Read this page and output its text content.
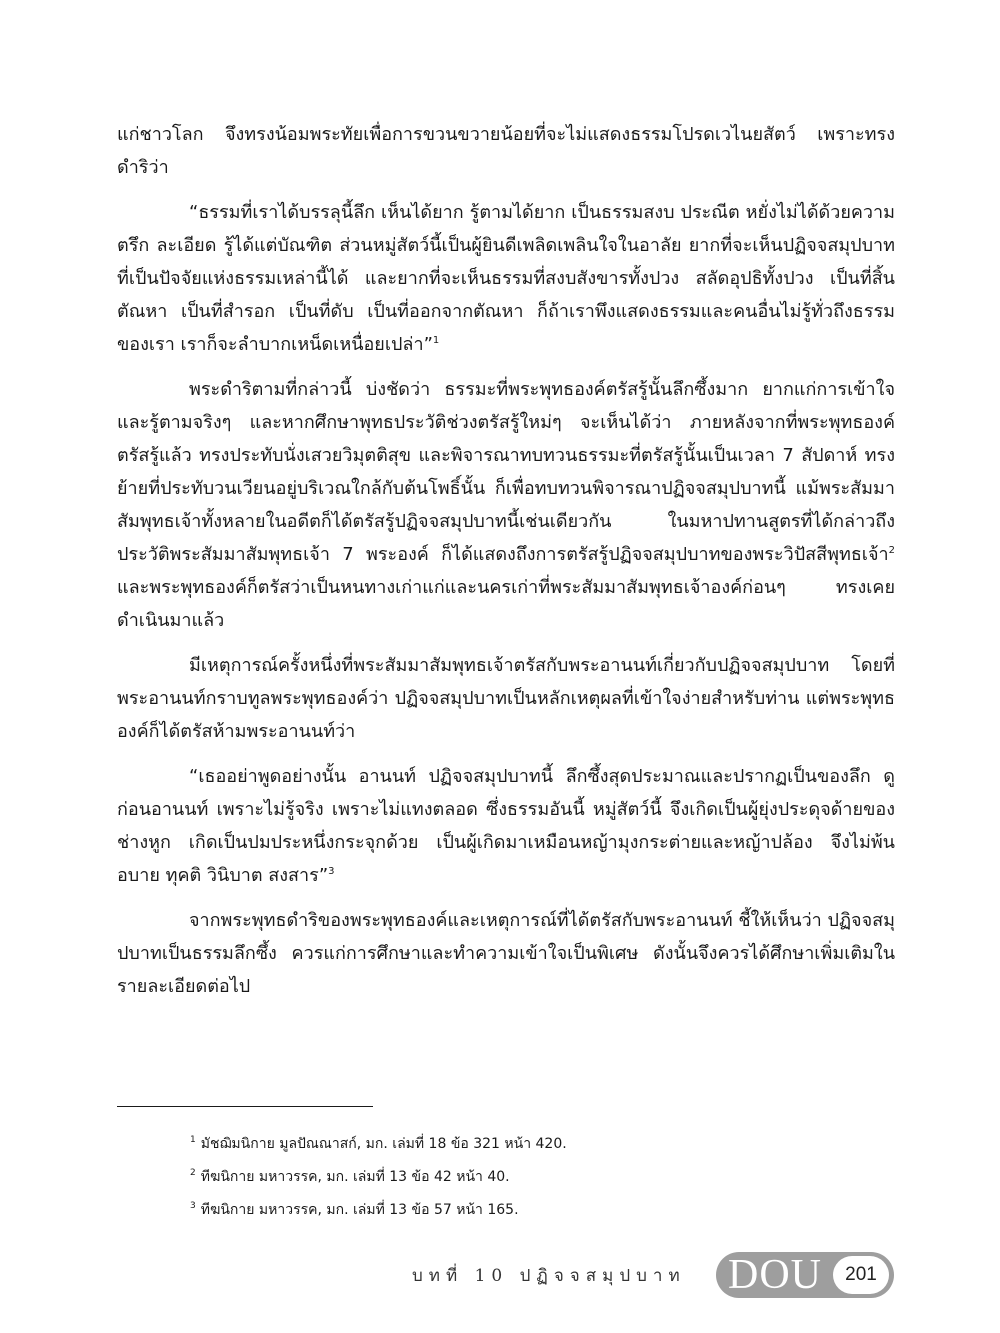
แก่ชาวโลก จึงทรงน้อมพระทัยเพื่อการขวนขวายน้อยที่จะไม่แสดงธรรมโปรดเวไนยสัตว์ เพราะทรงดำริว่า

“ธรรมที่เราได้บรรลุนี้ลึก เห็นได้ยาก รู้ตามได้ยาก เป็นธรรมสงบ ประณีต หยั่งไม่ได้ด้วยความตรึก ละเอียด รู้ได้แต่บัณฑิต ส่วนหมู่สัตว์นี้เป็นผู้ยินดีเพลิดเพลินใจในอาลัย ยากที่จะเห็นปฏิจจสมุปบาทที่เป็นปัจจัยแห่งธรรมเหล่านี้ได้ และยากที่จะเห็นธรรมที่สงบสังขารทั้งปวง สลัดอุปธิทั้งปวง เป็นที่สิ้นตัณหา เป็นที่สำรอก เป็นที่ดับ เป็นที่ออกจากตัณหา ก็ถ้าเราพึงแสดงธรรมและคนอื่นไม่รู้ทั่วถึงธรรมของเรา เราก็จะลำบากเหน็ดเหนื่อยเปล่า”$^1$

พระดำริตามที่กล่าวนี้ บ่งชัดว่า ธรรมะที่พระพุทธองค์ตรัสรู้นั้นลึกซึ้งมาก ยากแก่การเข้าใจและรู้ตามจริงๆ และหากศึกษาพุทธประวัติช่วงตรัสรู้ใหม่ๆ จะเห็นได้ว่า ภายหลังจากที่พระพุทธองค์ตรัสรู้แล้ว ทรงประทับนั่งเสวยวิมุตติสุข และพิจารณาทบทวนธรรมะที่ตรัสรู้นั้นเป็นเวลา 7 สัปดาห์ ทรงย้ายที่ประทับวนเวียนอยู่บริเวณใกล้กับต้นโพธิ์นั้น ก็เพื่อทบทวนพิจารณาปฏิจจสมุปบาทนี้ แม้พระสัมมาสัมพุทธเจ้าทั้งหลายในอดีตก็ได้ตรัสรู้ปฏิจจสมุปบาทนี้เช่นเดียวกัน ในมหาปทานสูตรที่ได้กล่าวถึงประวัติพระสัมมาสัมพุทธเจ้า 7 พระองค์ ก็ได้แสดงถึงการตรัสรู้ปฏิจจสมุปบาทของพระวิปัสสีพุทธเจ้า$^2$ และพระพุทธองค์ก็ตรัสว่าเป็นหนทางเก่าแก่และนครเก่าที่พระสัมมาสัมพุทธเจ้าองค์ก่อนๆ ทรงเคยดำเนินมาแล้ว

มีเหตุการณ์ครั้งหนึ่งที่พระสัมมาสัมพุทธเจ้าตรัสกับพระอานนท์เกี่ยวกับปฏิจจสมุปบาท โดยที่พระอานนท์กราบทูลพระพุทธองค์ว่า ปฏิจจสมุปบาทเป็นหลักเหตุผลที่เข้าใจง่ายสำหรับท่าน แต่พระพุทธองค์ก็ได้ตรัสห้ามพระอานนท์ว่า

“เธออย่าพูดอย่างนั้น อานนท์ ปฏิจจสมุปบาทนี้ ลึกซึ้งสุดประมาณและปรากฏเป็นของลึก ดูก่อนอานนท์ เพราะไม่รู้จริง เพราะไม่แทงตลอด ซึ่งธรรมอันนี้ หมู่สัตว์นี้ จึงเกิดเป็นผู้ยุ่งประดุจด้ายของช่างหูก เกิดเป็นปมประหนึ่งกระจุกด้วย เป็นผู้เกิดมาเหมือนหญ้ามุงกระต่ายและหญ้าปล้อง จึงไม่พ้นอบาย ทุคติ วินิบาต สงสาร”$^3$

จากพระพุทธดำริของพระพุทธองค์และเหตุการณ์ที่ได้ตรัสกับพระอานนท์ ชี้ให้เห็นว่า ปฏิจจสมุปบาทเป็นธรรมลึกซึ้ง ควรแก่การศึกษาและทำความเข้าใจเป็นพิเศษ ดังนั้นจึงควรได้ศึกษาเพิ่มเติมในรายละเอียดต่อไป

$^1$ มัชฌิมนิกาย มูลปัณณาสก์, มก. เล่มที่ 18 ข้อ 321 หน้า 420.
$^2$ ทีฆนิกาย มหาวรรค, มก. เล่มที่ 13 ข้อ 42 หน้า 40.
$^3$ ทีฆนิกาย มหาวรรค, มก. เล่มที่ 13 ข้อ 57 หน้า 165.
บทที่ 10 ปฏิจจสมุปบาท DOU	201
